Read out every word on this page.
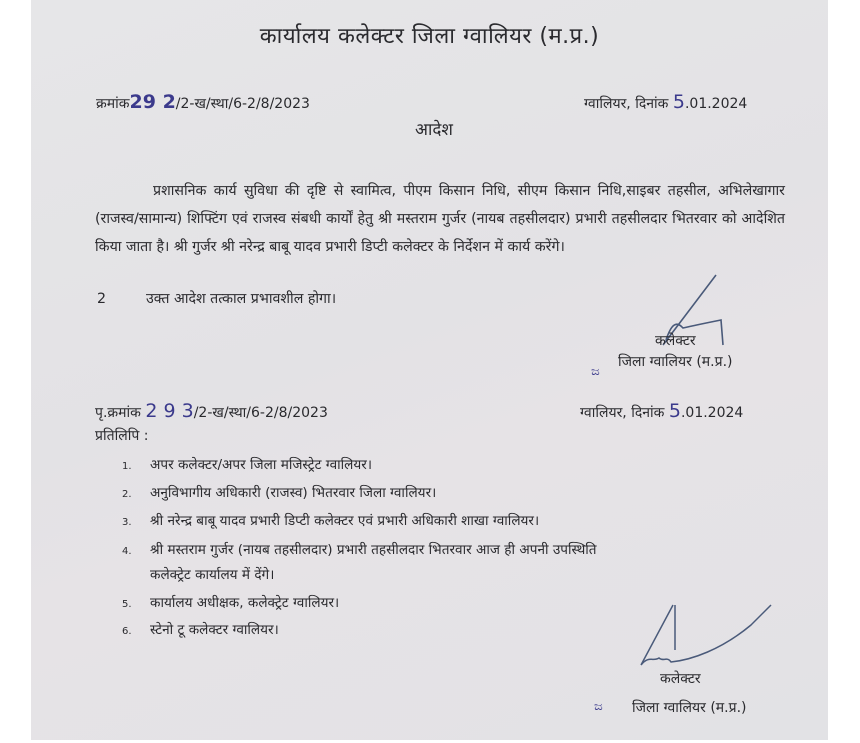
कार्यालय कलेक्टर जिला ग्वालियर (म.प्र.)
क्रमांक29 2/2-ख/स्था/6-2/8/2023	ग्वालियर, दिनांक 5.01.2024
आदेश
प्रशासनिक कार्य सुविधा की दृष्टि से स्वामित्व, पीएम किसान निधि, सीएम किसान निधि,साइबर तहसील, अभिलेखागार (राजस्व/सामान्य) शिफ्टिंग एवं राजस्व संबधी कार्यों हेतु श्री मस्तराम गुर्जर (नायब तहसीलदार) प्रभारी तहसीलदार भितरवार को आदेशित किया जाता है। श्री गुर्जर श्री नरेन्द्र बाबू यादव प्रभारी डिप्टी कलेक्टर के निर्देशन में कार्य करेंगे।
2	उक्त आदेश तत्काल प्रभावशील होगा।
कलेक्टर
जिला ग्वालियर (म.प्र.)
ಜ
पृ.क्रमांक 2 9 3/2-ख/स्था/6-2/8/2023	ग्वालियर, दिनांक 5.01.2024
प्रतिलिपि :
1. अपर कलेक्टर/अपर जिला मजिस्ट्रेट ग्वालियर।
2. अनुविभागीय अधिकारी (राजस्व) भितरवार जिला ग्वालियर।
3. श्री नरेन्द्र बाबू यादव प्रभारी डिप्टी कलेक्टर एवं प्रभारी अधिकारी शाखा ग्वालियर।
4. श्री मस्तराम गुर्जर (नायब तहसीलदार) प्रभारी तहसीलदार भितरवार आज ही अपनी उपस्थिति
कलेक्ट्रेट कार्यालय में देंगे।
5. कार्यालय अधीक्षक, कलेक्ट्रेट ग्वालियर।
6. स्टेनो टू कलेक्टर ग्वालियर।
कलेक्टर
जिला ग्वालियर (म.प्र.)
ಜ
